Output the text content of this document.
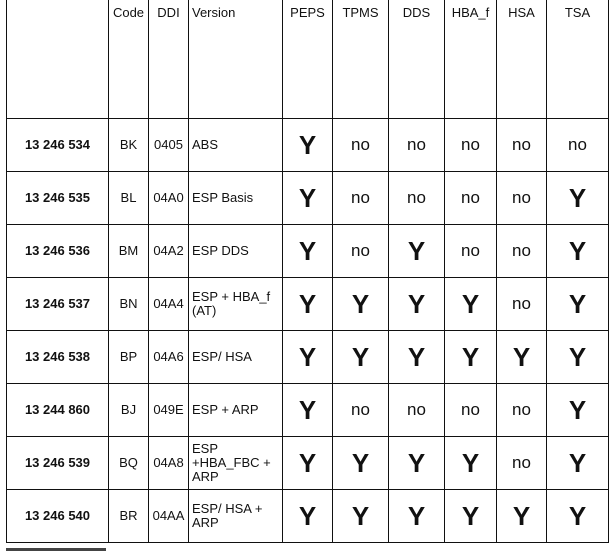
	Code	DDI	Version	PEPS	TPMS	DDS	HBA_f	HSA	TSA
13 246 534	BK	0405	ABS	Y	no	no	no	no	no
13 246 535	BL	04A0	ESP Basis	Y	no	no	no	no	Y
13 246 536	BM	04A2	ESP DDS	Y	no	Y	no	no	Y
13 246 537	BN	04A4	ESP + HBA_f (AT)	Y	Y	Y	Y	no	Y
13 246 538	BP	04A6	ESP/ HSA	Y	Y	Y	Y	Y	Y
13 244 860	BJ	049E	ESP + ARP	Y	no	no	no	no	Y
13 246 539	BQ	04A8	ESP +HBA_FBC + ARP	Y	Y	Y	Y	no	Y
13 246 540	BR	04AA	ESP/ HSA + ARP	Y	Y	Y	Y	Y	Y
